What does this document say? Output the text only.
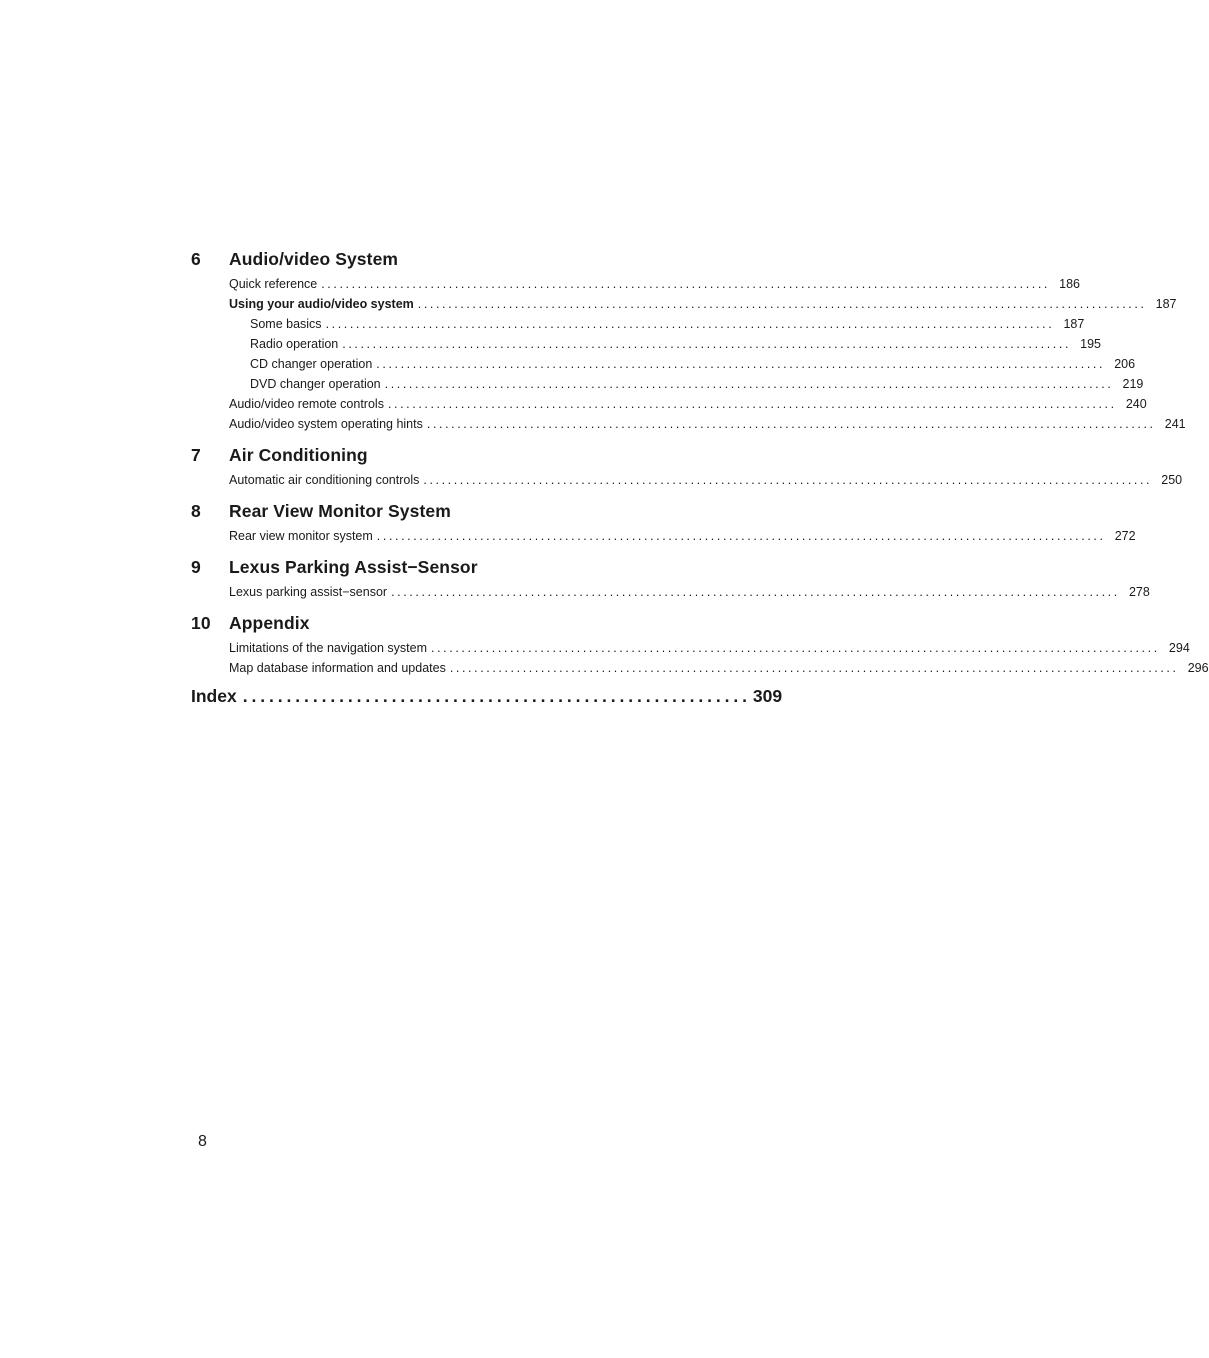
6	Audio/video System
Quick reference ........................................................................................................................ 186
Using your audio/video system ........................................................................................................................ 187
Some basics ........................................................................................................................ 187
Radio operation ........................................................................................................................ 195
CD changer operation ........................................................................................................................ 206
DVD changer operation ........................................................................................................................ 219
Audio/video remote controls ........................................................................................................................ 240
Audio/video system operating hints ........................................................................................................................ 241
7	Air Conditioning
Automatic air conditioning controls ........................................................................................................................ 250
8	Rear View Monitor System
Rear view monitor system ........................................................................................................................ 272
9	Lexus Parking Assist−Sensor
Lexus parking assist−sensor ........................................................................................................................ 278
10	Appendix
Limitations of the navigation system ........................................................................................................................ 294
Map database information and updates ........................................................................................................................ 296
Index .......................................................... 309
8
